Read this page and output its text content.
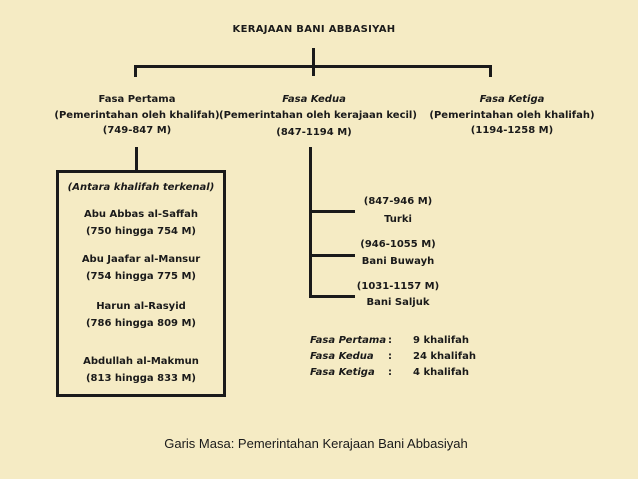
KERAJAAN BANI ABBASIYAH
Fasa Pertama
(Pemerintahan oleh khalifah)
(749-847 M)
Fasa Kedua
(Pemerintahan oleh kerajaan kecil)
(847-1194 M)
Fasa Ketiga
(Pemerintahan oleh khalifah)
(1194-1258 M)
(Antara khalifah terkenal)
Abu Abbas al-Saffah
(750 hingga 754 M)
Abu Jaafar al-Mansur
(754 hingga 775 M)
Harun al-Rasyid
(786 hingga 809 M)
Abdullah al-Makmun
(813 hingga 833 M)
(847-946 M)
Turki
(946-1055 M)
Bani Buwayh
(1031-1157 M)
Bani Saljuk
Fasa Pertama : 9 khalifah
Fasa Kedua : 24 khalifah
Fasa Ketiga : 4 khalifah
Garis Masa: Pemerintahan Kerajaan Bani Abbasiyah
